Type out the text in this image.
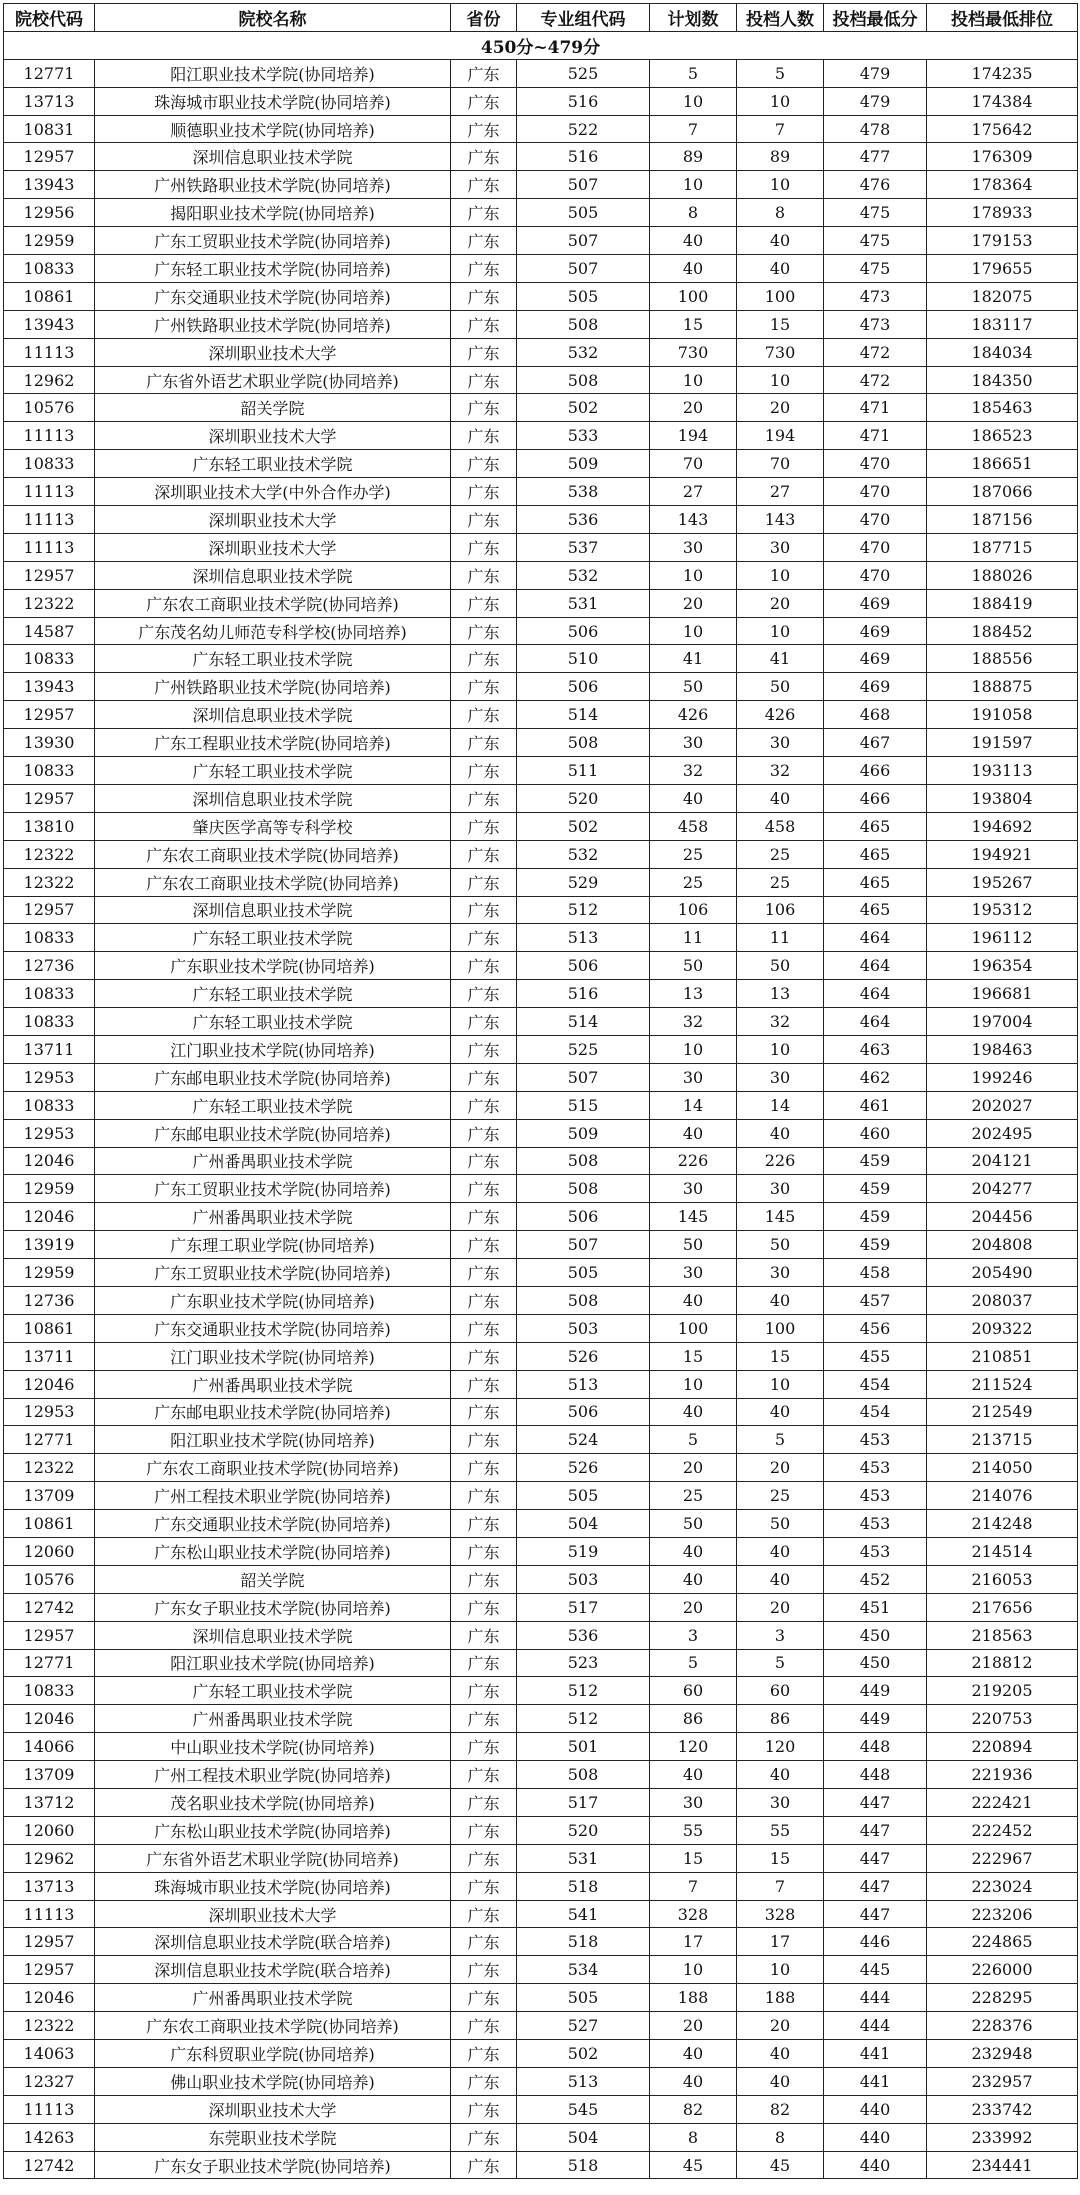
院校代码	院校名称	省份	专业组代码	计划数	投档人数	投档最低分	投档最低排位
450分~479分							
12771	阳江职业技术学院(协同培养)	广东	525	5	5	479	174235
13713	珠海城市职业技术学院(协同培养)	广东	516	10	10	479	174384
10831	顺德职业技术学院(协同培养)	广东	522	7	7	478	175642
12957	深圳信息职业技术学院	广东	516	89	89	477	176309
13943	广州铁路职业技术学院(协同培养)	广东	507	10	10	476	178364
12956	揭阳职业技术学院(协同培养)	广东	505	8	8	475	178933
12959	广东工贸职业技术学院(协同培养)	广东	507	40	40	475	179153
10833	广东轻工职业技术学院(协同培养)	广东	507	40	40	475	179655
10861	广东交通职业技术学院(协同培养)	广东	505	100	100	473	182075
13943	广州铁路职业技术学院(协同培养)	广东	508	15	15	473	183117
11113	深圳职业技术大学	广东	532	730	730	472	184034
12962	广东省外语艺术职业学院(协同培养)	广东	508	10	10	472	184350
10576	韶关学院	广东	502	20	20	471	185463
11113	深圳职业技术大学	广东	533	194	194	471	186523
10833	广东轻工职业技术学院	广东	509	70	70	470	186651
11113	深圳职业技术大学(中外合作办学)	广东	538	27	27	470	187066
11113	深圳职业技术大学	广东	536	143	143	470	187156
11113	深圳职业技术大学	广东	537	30	30	470	187715
12957	深圳信息职业技术学院	广东	532	10	10	470	188026
12322	广东农工商职业技术学院(协同培养)	广东	531	20	20	469	188419
14587	广东茂名幼儿师范专科学校(协同培养)	广东	506	10	10	469	188452
10833	广东轻工职业技术学院	广东	510	41	41	469	188556
13943	广州铁路职业技术学院(协同培养)	广东	506	50	50	469	188875
12957	深圳信息职业技术学院	广东	514	426	426	468	191058
13930	广东工程职业技术学院(协同培养)	广东	508	30	30	467	191597
10833	广东轻工职业技术学院	广东	511	32	32	466	193113
12957	深圳信息职业技术学院	广东	520	40	40	466	193804
13810	肇庆医学高等专科学校	广东	502	458	458	465	194692
12322	广东农工商职业技术学院(协同培养)	广东	532	25	25	465	194921
12322	广东农工商职业技术学院(协同培养)	广东	529	25	25	465	195267
12957	深圳信息职业技术学院	广东	512	106	106	465	195312
10833	广东轻工职业技术学院	广东	513	11	11	464	196112
12736	广东职业技术学院(协同培养)	广东	506	50	50	464	196354
10833	广东轻工职业技术学院	广东	516	13	13	464	196681
10833	广东轻工职业技术学院	广东	514	32	32	464	197004
13711	江门职业技术学院(协同培养)	广东	525	10	10	463	198463
12953	广东邮电职业技术学院(协同培养)	广东	507	30	30	462	199246
10833	广东轻工职业技术学院	广东	515	14	14	461	202027
12953	广东邮电职业技术学院(协同培养)	广东	509	40	40	460	202495
12046	广州番禺职业技术学院	广东	508	226	226	459	204121
12959	广东工贸职业技术学院(协同培养)	广东	508	30	30	459	204277
12046	广州番禺职业技术学院	广东	506	145	145	459	204456
13919	广东理工职业学院(协同培养)	广东	507	50	50	459	204808
12959	广东工贸职业技术学院(协同培养)	广东	505	30	30	458	205490
12736	广东职业技术学院(协同培养)	广东	508	40	40	457	208037
10861	广东交通职业技术学院(协同培养)	广东	503	100	100	456	209322
13711	江门职业技术学院(协同培养)	广东	526	15	15	455	210851
12046	广州番禺职业技术学院	广东	513	10	10	454	211524
12953	广东邮电职业技术学院(协同培养)	广东	506	40	40	454	212549
12771	阳江职业技术学院(协同培养)	广东	524	5	5	453	213715
12322	广东农工商职业技术学院(协同培养)	广东	526	20	20	453	214050
13709	广州工程技术职业学院(协同培养)	广东	505	25	25	453	214076
10861	广东交通职业技术学院(协同培养)	广东	504	50	50	453	214248
12060	广东松山职业技术学院(协同培养)	广东	519	40	40	453	214514
10576	韶关学院	广东	503	40	40	452	216053
12742	广东女子职业技术学院(协同培养)	广东	517	20	20	451	217656
12957	深圳信息职业技术学院	广东	536	3	3	450	218563
12771	阳江职业技术学院(协同培养)	广东	523	5	5	450	218812
10833	广东轻工职业技术学院	广东	512	60	60	449	219205
12046	广州番禺职业技术学院	广东	512	86	86	449	220753
14066	中山职业技术学院(协同培养)	广东	501	120	120	448	220894
13709	广州工程技术职业学院(协同培养)	广东	508	40	40	448	221936
13712	茂名职业技术学院(协同培养)	广东	517	30	30	447	222421
12060	广东松山职业技术学院(协同培养)	广东	520	55	55	447	222452
12962	广东省外语艺术职业学院(协同培养)	广东	531	15	15	447	222967
13713	珠海城市职业技术学院(协同培养)	广东	518	7	7	447	223024
11113	深圳职业技术大学	广东	541	328	328	447	223206
12957	深圳信息职业技术学院(联合培养)	广东	518	17	17	446	224865
12957	深圳信息职业技术学院(联合培养)	广东	534	10	10	445	226000
12046	广州番禺职业技术学院	广东	505	188	188	444	228295
12322	广东农工商职业技术学院(协同培养)	广东	527	20	20	444	228376
14063	广东科贸职业学院(协同培养)	广东	502	40	40	441	232948
12327	佛山职业技术学院(协同培养)	广东	513	40	40	441	232957
11113	深圳职业技术大学	广东	545	82	82	440	233742
14263	东莞职业技术学院	广东	504	8	8	440	233992
12742	广东女子职业技术学院(协同培养)	广东	518	45	45	440	234441
